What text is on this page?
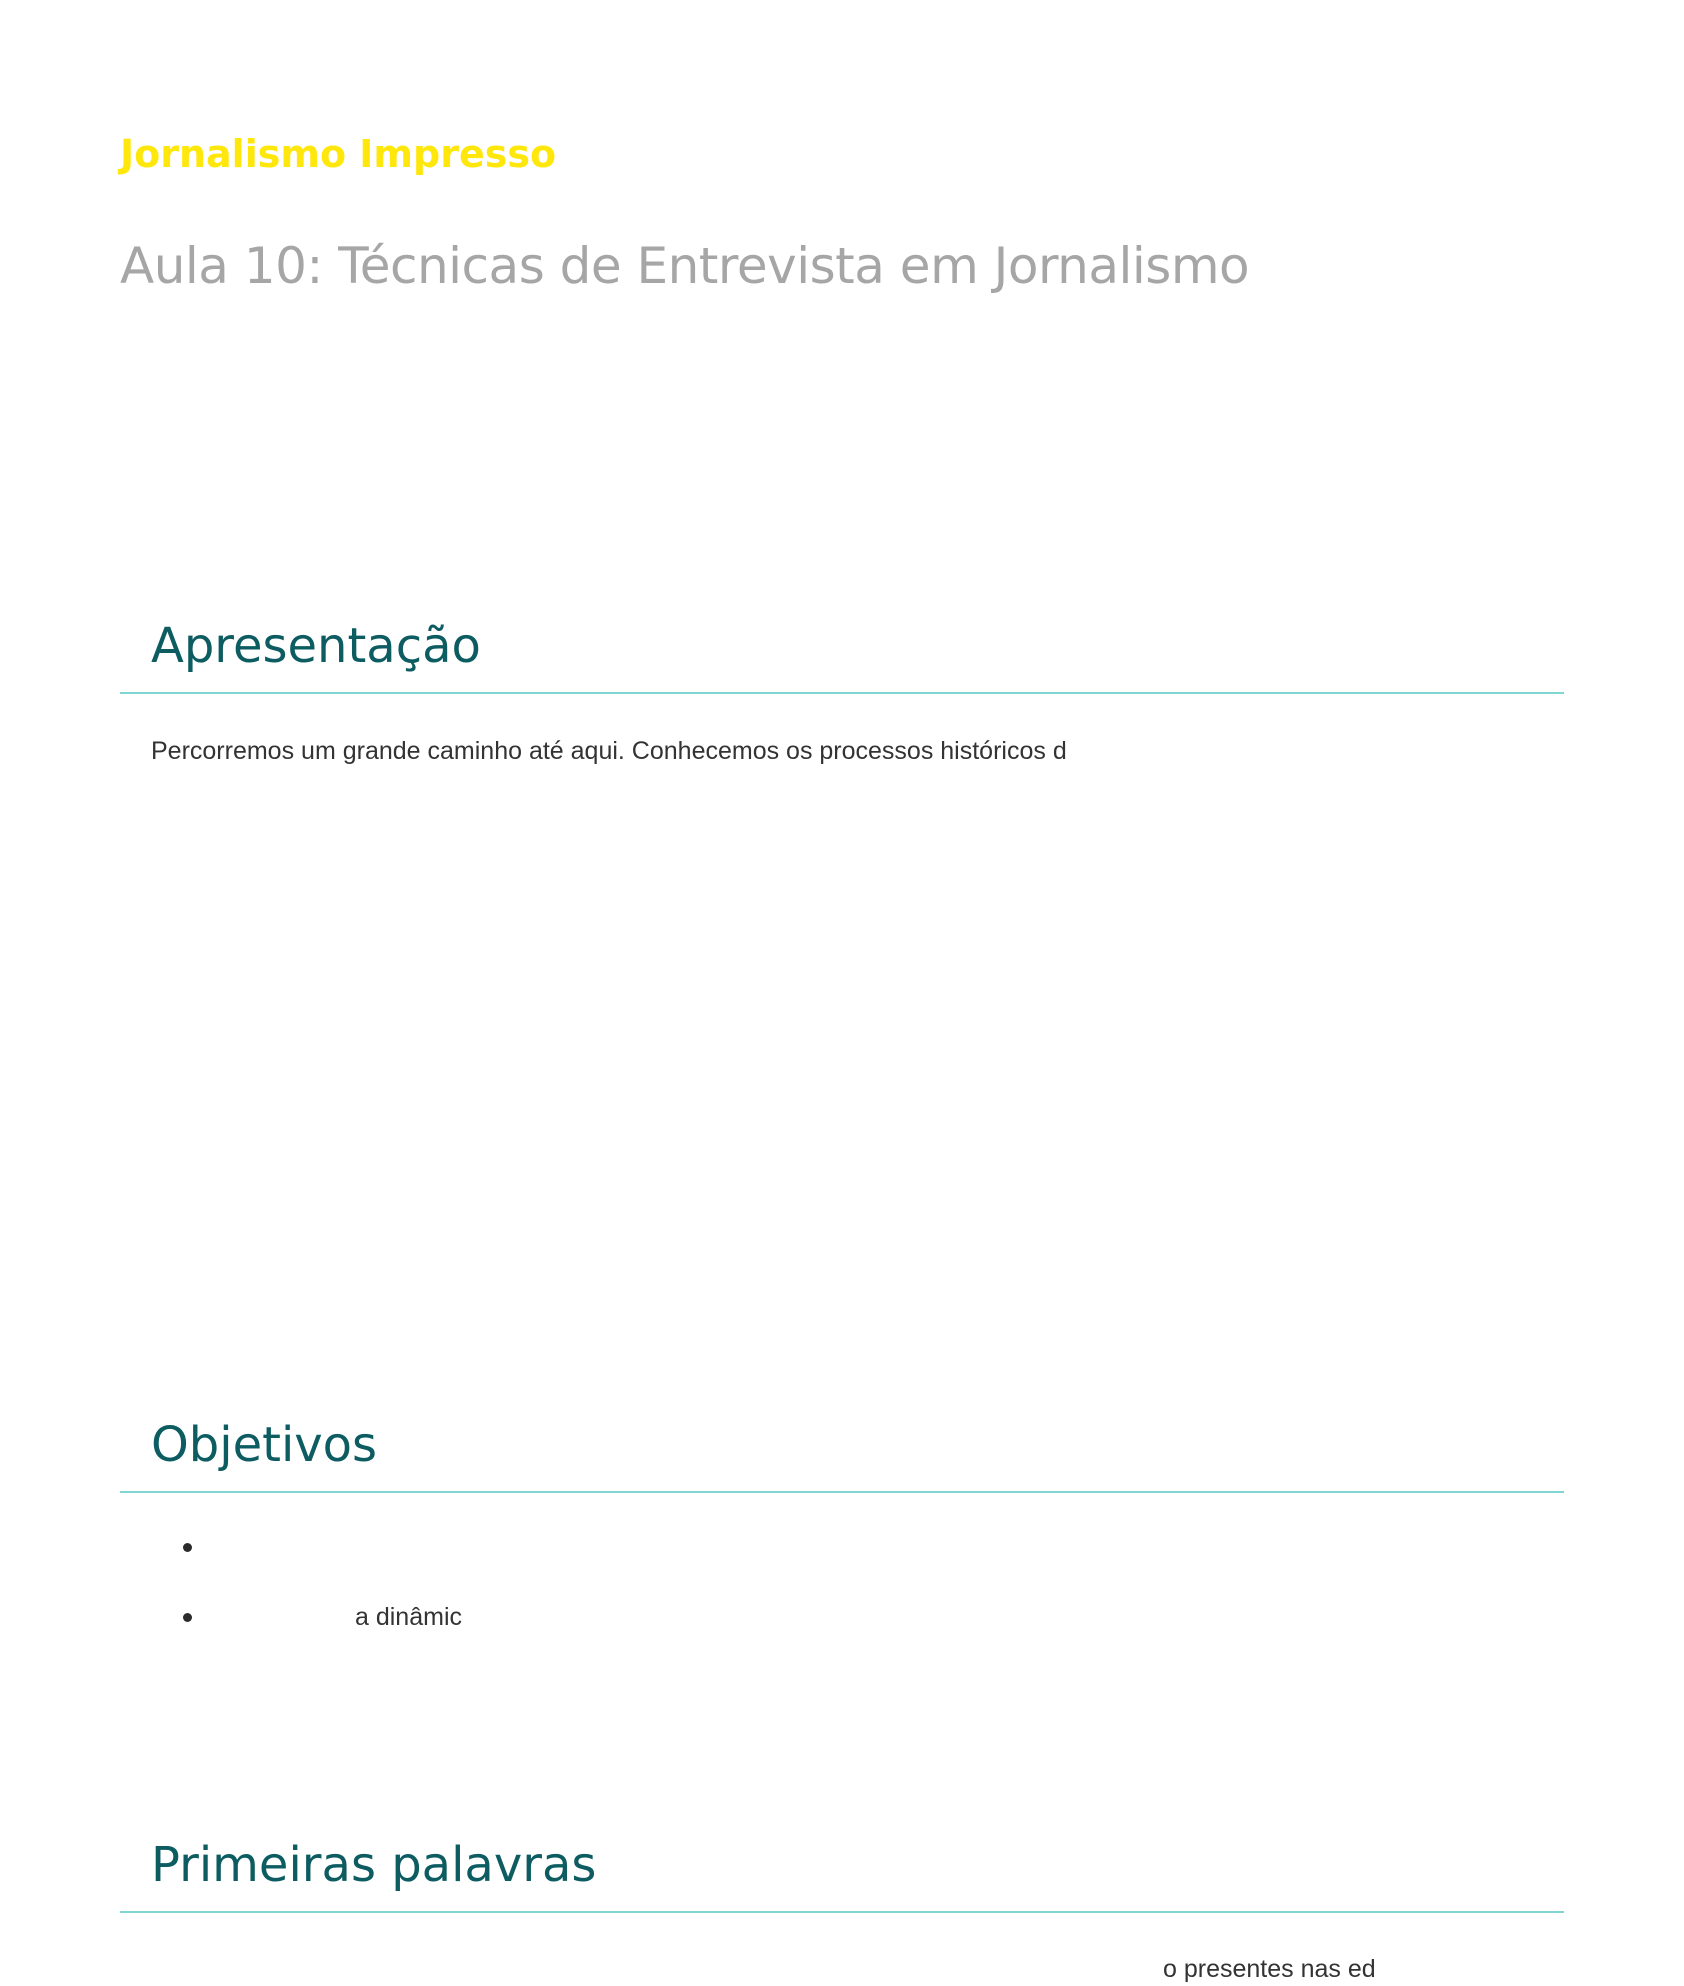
Jornalismo Impresso
Aula 10: Técnicas de Entrevista em Jornalismo
Apresentação

Percorremos um grande caminho até aqui. Conhecemos os processos históricos d

Objetivos
a dinâmic
Primeiras palavras

o presentes nas ed
